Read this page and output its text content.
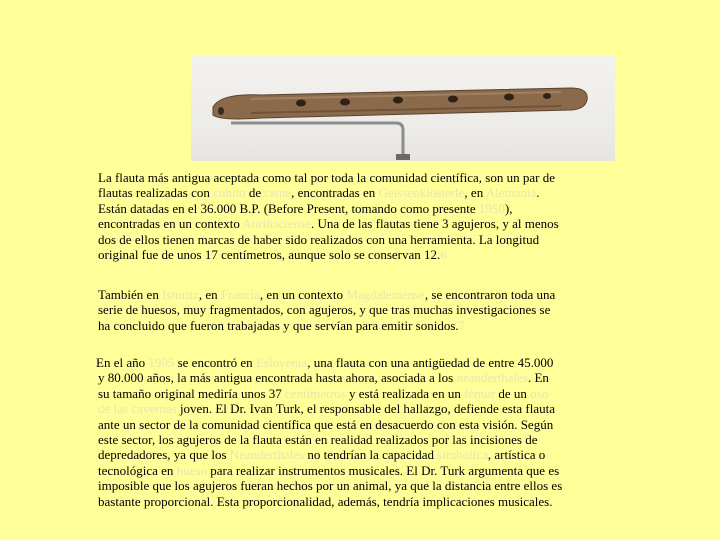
La flauta más antigua aceptada como tal por toda la comunidad científica, son un par de
flautas realizadas con cúbito de cisne, encontradas en Geissenklösterle, en Alemania.
Están datadas en el 36.000 B.P. (Before Present, tomando como presente 1950),
encontradas en un contexto Auriñaciense. Una de las flautas tiene 3 agujeros, y al menos
dos de ellos tienen marcas de haber sido realizados con una herramienta. La longitud
original fue de unos 17 centímetros, aunque solo se conservan 12.6

También en Isturitz, en Francia, en un contexto Magdaleniense, se encontraron toda una
serie de huesos, muy fragmentados, con agujeros, y que tras muchas investigaciones se
ha concluido que fueron trabajadas y que servían para emitir sonidos.7

En el año 1995 se encontró en Eslovenia, una flauta con una antigüedad de entre 45.000
y 80.000 años, la más antigua encontrada hasta ahora, asociada a los neanderthales. En
su tamaño original mediría unos 37 centímetros y está realizada en un fémur de un oso
de las cavernas joven. El Dr. Ivan Turk, el responsable del hallazgo, defiende esta flauta
ante un sector de la comunidad científica que está en desacuerdo con esta visión. Según
este sector, los agujeros de la flauta están en realidad realizados por las incisiones de
depredadores, ya que los Neanderthales no tendrían la capacidad simbólica, artística o
tecnológica en hueso para realizar instrumentos musicales. El Dr. Turk argumenta que es
imposible que los agujeros fueran hechos por un animal, ya que la distancia entre ellos es
bastante proporcional. Esta proporcionalidad, además, tendría implicaciones musicales.
